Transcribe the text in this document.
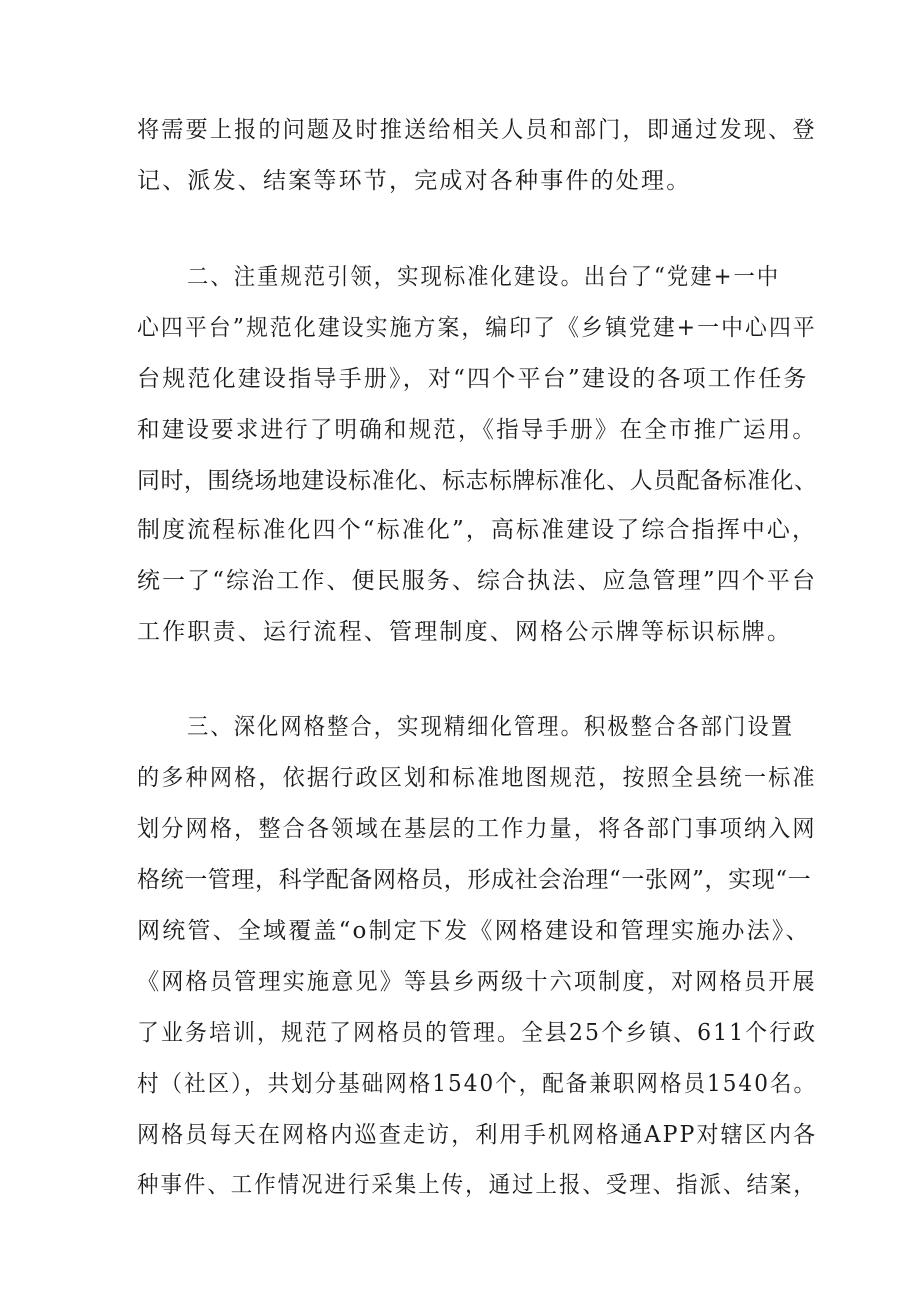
将需要上报的问题及时推送给相关人员和部门，即通过发现、登

记、派发、结案等环节，完成对各种事件的处理。

二、注重规范引领，实现标准化建设。出台了“党建+一中

心四平台”规范化建设实施方案，编印了《乡镇党建+一中心四平

台规范化建设指导手册》，对“四个平台”建设的各项工作任务

和建设要求进行了明确和规范，《指导手册》在全市推广运用。

同时，围绕场地建设标准化、标志标牌标准化、人员配备标准化、

制度流程标准化四个“标准化”，高标准建设了综合指挥中心，

统一了“综治工作、便民服务、综合执法、应急管理”四个平台

工作职责、运行流程、管理制度、网格公示牌等标识标牌。

三、深化网格整合，实现精细化管理。积极整合各部门设置

的多种网格，依据行政区划和标准地图规范，按照全县统一标准

划分网格，整合各领域在基层的工作力量，将各部门事项纳入网

格统一管理，科学配备网格员，形成社会治理“一张网”，实现“一

网统管、全域覆盖“o制定下发《网格建设和管理实施办法》、

《网格员管理实施意见》等县乡两级十六项制度，对网格员开展

了业务培训，规范了网格员的管理。全县25个乡镇、611个行政

村（社区），共划分基础网格1540个，配备兼职网格员1540名。

网格员每天在网格内巡查走访，利用手机网格通APP对辖区内各

种事件、工作情况进行采集上传，通过上报、受理、指派、结案，
